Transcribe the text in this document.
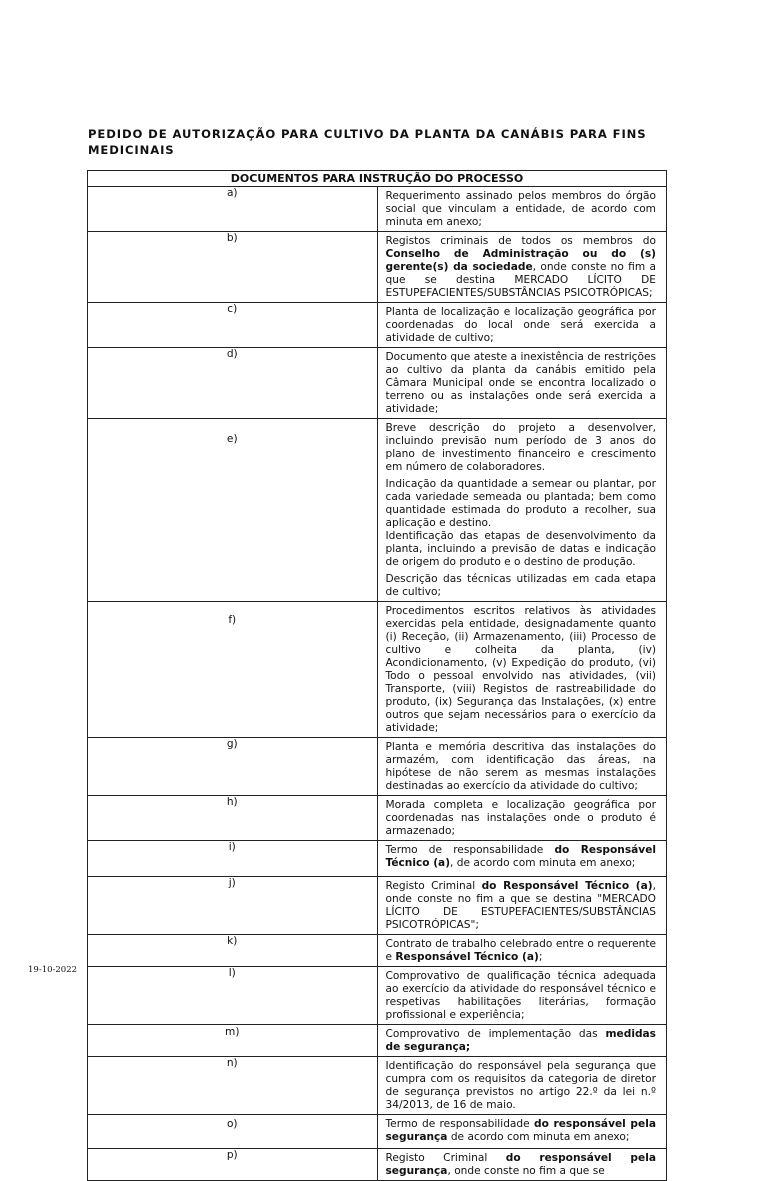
PEDIDO DE AUTORIZAÇÃO PARA CULTIVO DA PLANTA DA CANÁBIS PARA FINS MEDICINAIS
DOCUMENTOS PARA INSTRUÇÃO DO PROCESSO	
a)	Requerimento assinado pelos membros do órgão social que vinculam a entidade, de acordo com minuta em anexo;

b)	Registos criminais de todos os membros do Conselho de Administração ou do (s) gerente(s) da sociedade, onde conste no fim a que se destina MERCADO LÍCITO DE ESTUPEFACIENTES/SUBSTÂNCIAS PSICOTRÓPICAS;
c)	Planta de localização e localização geográfica por coordenadas do local onde será exercida a atividade de cultivo;

d)	Documento que ateste a inexistência de restrições ao cultivo da planta da canábis emitido pela Câmara Municipal onde se encontra localizado o terreno ou as instalações onde será exercida a atividade;

e)	Breve descrição do projeto a desenvolver, incluindo previsão num período de 3 anos do plano de investimento financeiro e crescimento em número de colaboradores.
Indicação da quantidade a semear ou plantar, por cada variedade semeada ou plantada; bem como quantidade estimada do produto a recolher, sua aplicação e destino.
Identificação das etapas de desenvolvimento da planta, incluindo a previsão de datas e indicação de origem do produto e o destino de produção.
Descrição das técnicas utilizadas em cada etapa de cultivo;

f)	Procedimentos escritos relativos às atividades exercidas pela entidade, designadamente quanto (i) Receção, (ii) Armazenamento, (iii) Processo de cultivo e colheita da planta, (iv) Acondicionamento, (v) Expedição do produto, (vi) Todo o pessoal envolvido nas atividades, (vii) Transporte, (viii) Registos de rastreabilidade do produto, (ix) Segurança das Instalações, (x) entre outros que sejam necessários para o exercício da atividade;

g)	Planta e memória descritiva das instalações do armazém, com identificação das áreas, na hipótese de não serem as mesmas instalações destinadas ao exercício da atividade do cultivo;

h)	Morada completa e localização geográfica por coordenadas nas instalações onde o produto é armazenado;

i)	Termo de responsabilidade do Responsável Técnico (a), de acordo com minuta em anexo;
j)	Registo Criminal do Responsável Técnico (a), onde conste no fim a que se destina "MERCADO LÍCITO DE ESTUPEFACIENTES/SUBSTÂNCIAS PSICOTRÓPICAS";
k)	Contrato de trabalho celebrado entre o requerente e Responsável Técnico (a);
l)	Comprovativo de qualificação técnica adequada ao exercício da atividade do responsável técnico e respetivas habilitações literárias, formação profissional e experiência;

m)	Comprovativo de implementação das medidas de segurança;
n)	Identificação do responsável pela segurança que cumpra com os requisitos da categoria de diretor de segurança previstos no artigo 22.º da lei n.º 34/2013, de 16 de maio.

o)	Termo de responsabilidade do responsável pela segurança de acordo com minuta em anexo;
p)	Registo Criminal do responsável pela segurança, onde conste no fim a que se
19-10-2022
